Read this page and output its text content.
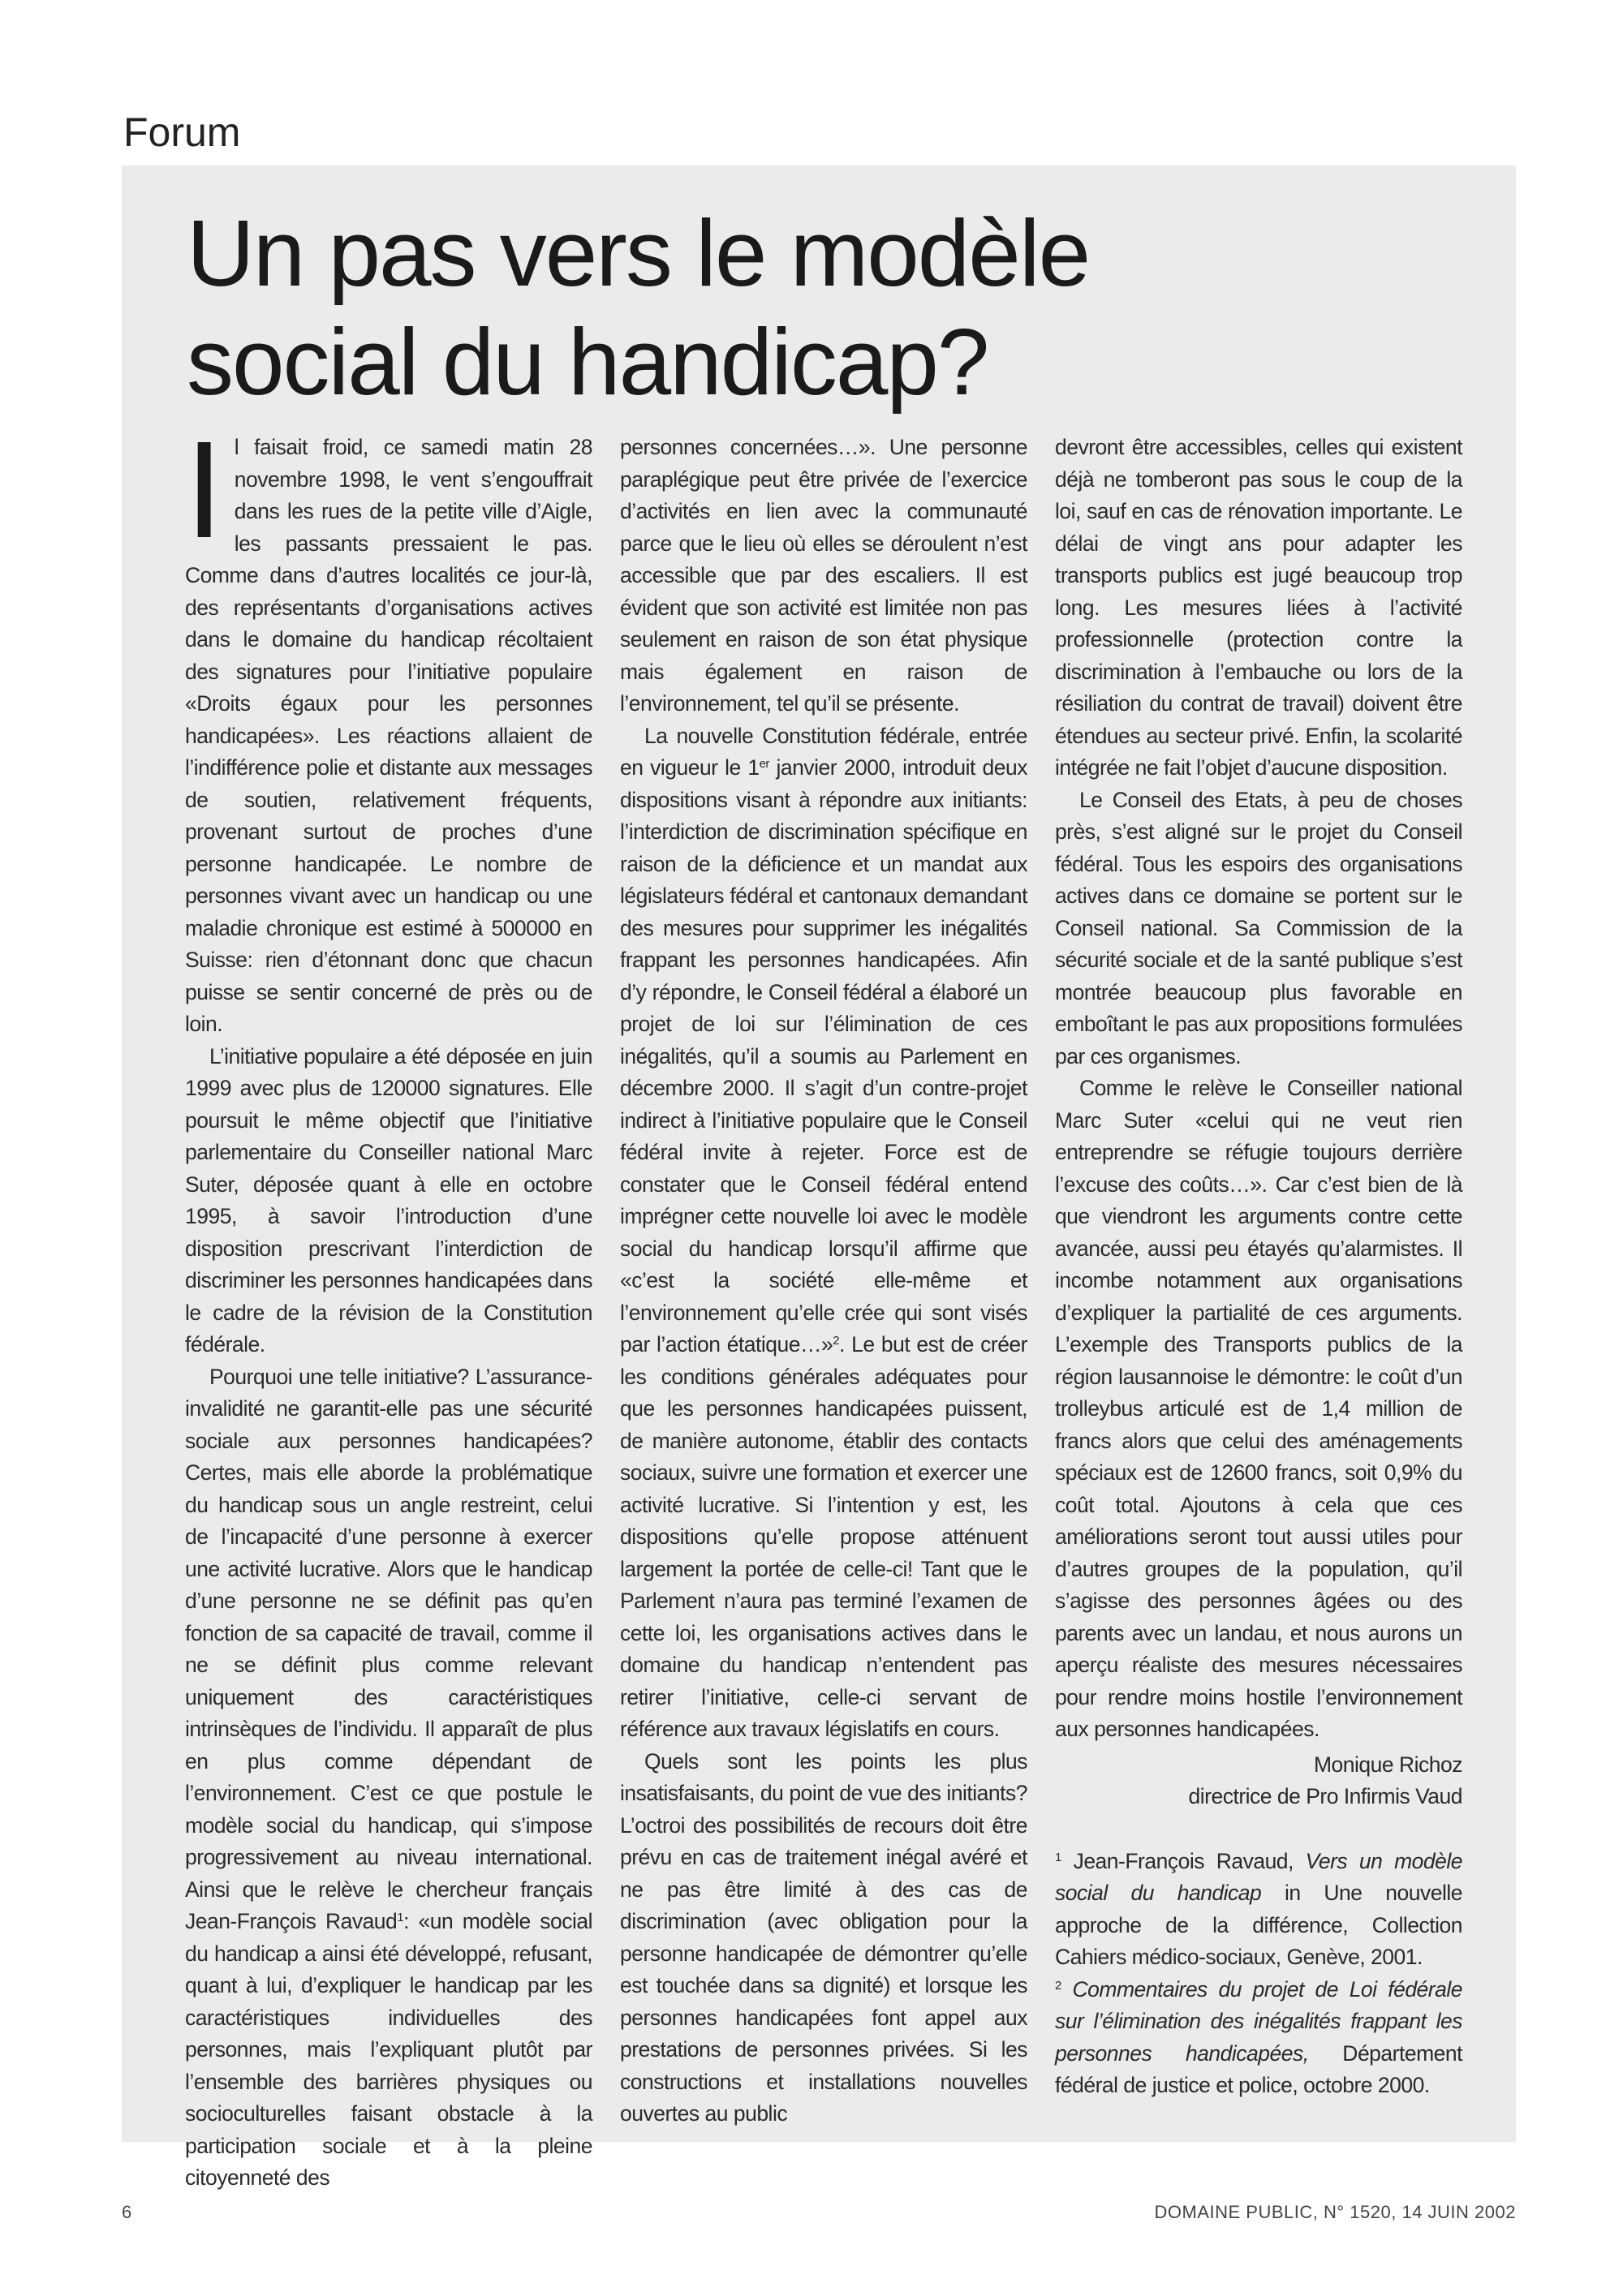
Forum
Un pas vers le modèle
social du handicap?

Il faisait froid, ce samedi matin 28 novembre 1998, le vent s’engouffrait dans les rues de la petite ville d’Aigle, les passants pressaient le pas. Comme dans d’autres localités ce jour-là, des représentants d’organisations actives dans le domaine du handicap récoltaient des signatures pour l’initiative populaire «Droits égaux pour les personnes handicapées». Les réactions allaient de l’indifférence polie et distante aux messages de soutien, relativement fréquents, provenant surtout de proches d’une personne handicapée. Le nombre de personnes vivant avec un handicap ou une maladie chronique est estimé à 500000 en Suisse: rien d’étonnant donc que chacun puisse se sentir concerné de près ou de loin.

L’initiative populaire a été déposée en juin 1999 avec plus de 120000 signatures. Elle poursuit le même objectif que l’initiative parlementaire du Conseiller national Marc Suter, déposée quant à elle en octobre 1995, à savoir l’introduction d’une disposition prescrivant l’interdiction de discriminer les personnes handicapées dans le cadre de la révision de la Constitution fédérale.

Pourquoi une telle initiative? L’assurance-invalidité ne garantit-elle pas une sécurité sociale aux personnes handicapées? Certes, mais elle aborde la problématique du handicap sous un angle restreint, celui de l’incapacité d’une personne à exercer une activité lucrative. Alors que le handicap d’une personne ne se définit pas qu’en fonction de sa capacité de travail, comme il ne se définit plus comme relevant uniquement des caractéristiques intrinsèques de l’individu. Il apparaît de plus en plus comme dépendant de l’environnement. C’est ce que postule le modèle social du handicap, qui s’impose progressivement au niveau international. Ainsi que le relève le chercheur français Jean-François Ravaud$^1$: «un modèle social du handicap a ainsi été développé, refusant, quant à lui, d’expliquer le handicap par les caractéristiques individuelles des personnes, mais l’expliquant plutôt par l’ensemble des barrières physiques ou socioculturelles faisant obstacle à la participation sociale et à la pleine citoyenneté des

personnes concernées…». Une personne paraplégique peut être privée de l’exercice d’activités en lien avec la communauté parce que le lieu où elles se déroulent n’est accessible que par des escaliers. Il est évident que son activité est limitée non pas seulement en raison de son état physique mais également en raison de l’environnement, tel qu’il se présente.

La nouvelle Constitution fédérale, entrée en vigueur le 1er janvier 2000, introduit deux dispositions visant à répondre aux initiants: l’interdiction de discrimination spécifique en raison de la déficience et un mandat aux législateurs fédéral et cantonaux demandant des mesures pour supprimer les inégalités frappant les personnes handicapées. Afin d’y répondre, le Conseil fédéral a élaboré un projet de loi sur l’élimination de ces inégalités, qu’il a soumis au Parlement en décembre 2000. Il s’agit d’un contre-projet indirect à l’initiative populaire que le Conseil fédéral invite à rejeter. Force est de constater que le Conseil fédéral entend imprégner cette nouvelle loi avec le modèle social du handicap lorsqu’il affirme que «c’est la société elle-même et l’environnement qu’elle crée qui sont visés par l’action étatique…»$^2$. Le but est de créer les conditions générales adéquates pour que les personnes handicapées puissent, de manière autonome, établir des contacts sociaux, suivre une formation et exercer une activité lucrative. Si l’intention y est, les dispositions qu’elle propose atténuent largement la portée de celle-ci! Tant que le Parlement n’aura pas terminé l’examen de cette loi, les organisations actives dans le domaine du handicap n’entendent pas retirer l’initiative, celle-ci servant de référence aux travaux législatifs en cours.

Quels sont les points les plus insatisfaisants, du point de vue des initiants? L’octroi des possibilités de recours doit être prévu en cas de traitement inégal avéré et ne pas être limité à des cas de discrimination (avec obligation pour la personne handicapée de démontrer qu’elle est touchée dans sa dignité) et lorsque les personnes handicapées font appel aux prestations de personnes privées. Si les constructions et installations nouvelles ouvertes au public

devront être accessibles, celles qui existent déjà ne tomberont pas sous le coup de la loi, sauf en cas de rénovation importante. Le délai de vingt ans pour adapter les transports publics est jugé beaucoup trop long. Les mesures liées à l’activité professionnelle (protection contre la discrimination à l’embauche ou lors de la résiliation du contrat de travail) doivent être étendues au secteur privé. Enfin, la scolarité intégrée ne fait l’objet d’aucune disposition.

Le Conseil des Etats, à peu de choses près, s’est aligné sur le projet du Conseil fédéral. Tous les espoirs des organisations actives dans ce domaine se portent sur le Conseil national. Sa Commission de la sécurité sociale et de la santé publique s’est montrée beaucoup plus favorable en emboîtant le pas aux propositions formulées par ces organismes.

Comme le relève le Conseiller national Marc Suter «celui qui ne veut rien entreprendre se réfugie toujours derrière l’excuse des coûts…». Car c’est bien de là que viendront les arguments contre cette avancée, aussi peu étayés qu’alarmistes. Il incombe notamment aux organisations d’expliquer la partialité de ces arguments. L’exemple des Transports publics de la région lausannoise le démontre: le coût d’un trolleybus articulé est de 1,4 million de francs alors que celui des aménagements spéciaux est de 12600 francs, soit 0,9% du coût total. Ajoutons à cela que ces améliorations seront tout aussi utiles pour d’autres groupes de la population, qu’il s’agisse des personnes âgées ou des parents avec un landau, et nous aurons un aperçu réaliste des mesures nécessaires pour rendre moins hostile l’environnement aux personnes handicapées.

Monique Richoz
directrice de Pro Infirmis Vaud

$^1$ Jean-François Ravaud, Vers un modèle social du handicap in Une nouvelle approche de la différence, Collection Cahiers médico-sociaux, Genève, 2001.

$^2$ Commentaires du projet de Loi fédérale sur l’élimination des inégalités frappant les personnes handicapées, Département fédéral de justice et police, octobre 2000.

6	DOMAINE PUBLIC, N° 1520, 14 JUIN 2002
